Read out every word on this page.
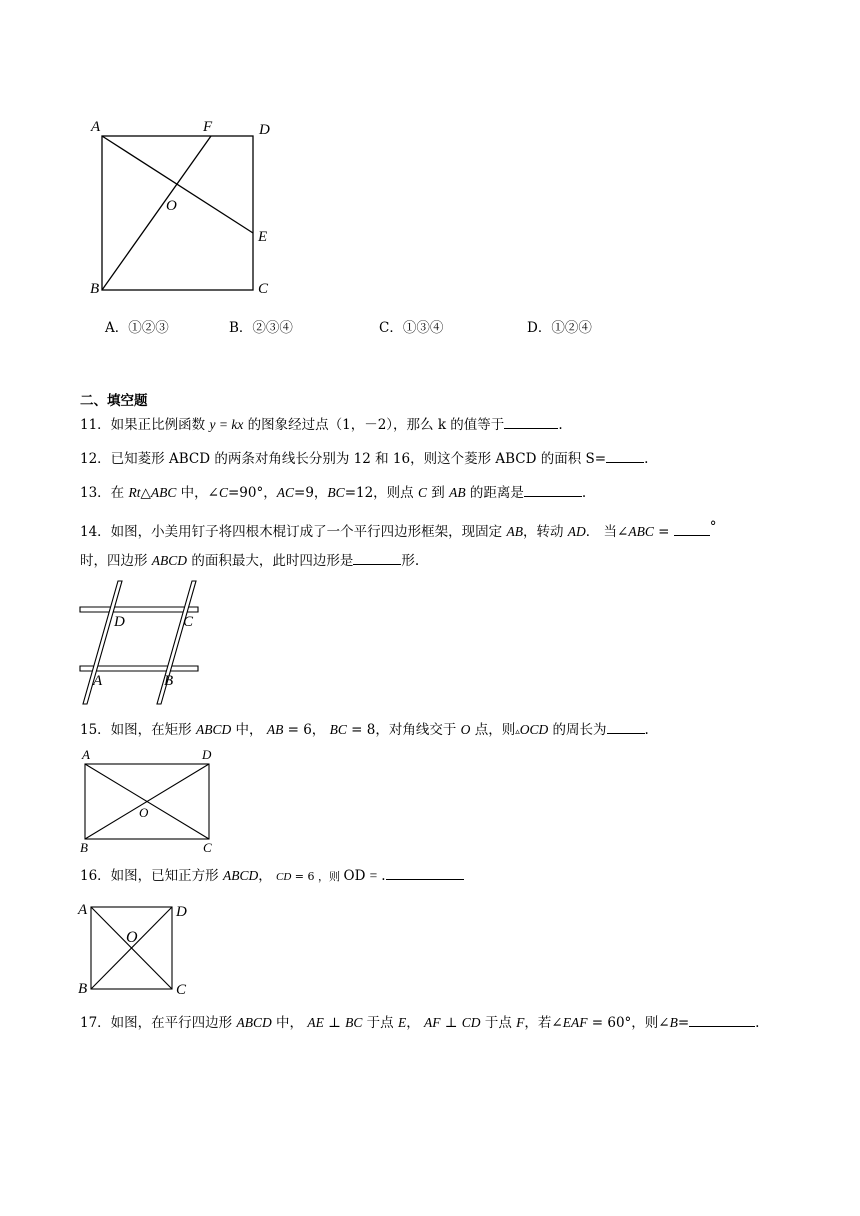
A	F	D
O
E
B	C
A．①②③	B．②③④	C．①③④	D．①②④
二、填空题
11．如果正比例函数 y = kx 的图象经过点（1，－2），那么 k 的值等于	.
12．已知菱形 ABCD 的两条对角线长分别为 12 和 16，则这个菱形 ABCD 的面积 S=	.
13．在 Rt△ABC 中，∠C=90°，AC=9，BC=12，则点 C 到 AB 的距离是	.
14．如图，小美用钉子将四根木棍订成了一个平行四边形框架，现固定 AB，转动 AD． 当∠ABC =	°
时，四边形 ABCD 的面积最大，此时四边形是	形.
D	C
A	B
15．如图，在矩形 ABCD 中， AB = 6， BC = 8，对角线交于 O 点，则▵OCD 的周长为	.
A	D
O
B	C
16．如图，已知正方形 ABCD， CD = 6 ，则 OD = .
A	D
O
B	C
17．如图，在平行四边形 ABCD 中， AE ⊥ BC 于点 E， AF ⊥ CD 于点 F，若∠EAF = 60°，则∠B=	.
